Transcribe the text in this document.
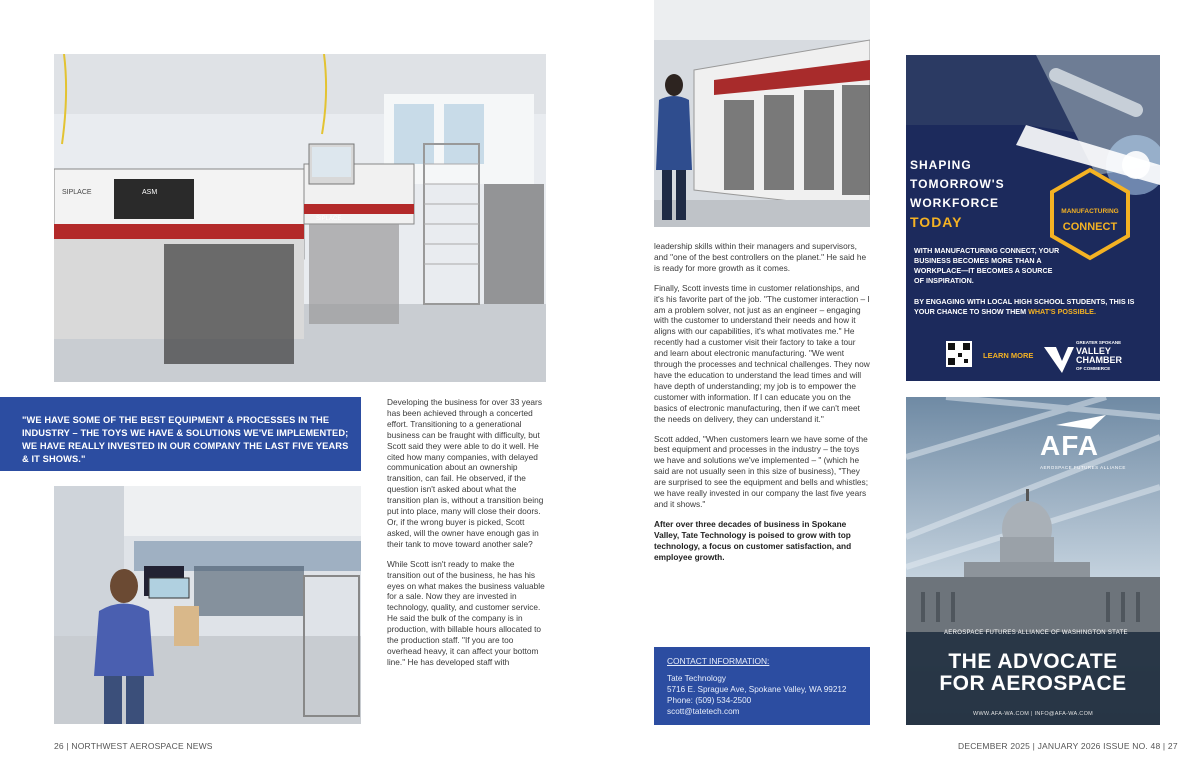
ASM
SIPLACE
SIPLACE

"WE HAVE SOME OF THE BEST EQUIPMENT & PROCESSES IN THE INDUSTRY – THE TOYS WE HAVE & SOLUTIONS WE'VE IMPLEMENTED; WE HAVE REALLY INVESTED IN OUR COMPANY THE LAST FIVE YEARS & IT SHOWS."

Developing the business for over 33 years has been achieved through a concerted effort. Transitioning to a generational business can be fraught with difficulty, but Scott said they were able to do it well. He cited how many companies, with delayed communication about an ownership transition, can fail. He observed, if the question isn't asked about what the transition plan is, without a transition being put into place, many will close their doors. Or, if the wrong buyer is picked, Scott asked, will the owner have enough gas in their tank to move toward another sale?

While Scott isn't ready to make the transition out of the business, he has his eyes on what makes the business valuable for a sale. Now they are invested in technology, quality, and customer service. He said the bulk of the company is in production, with billable hours allocated to the production staff. "If you are too overhead heavy, it can affect your bottom line." He has developed staff with

leadership skills within their managers and supervisors, and "one of the best controllers on the planet." He said he is ready for more growth as it comes.

Finally, Scott invests time in customer relationships, and it's his favorite part of the job. "The customer interaction – I am a problem solver, not just as an engineer – engaging with the customer to understand their needs and how it aligns with our capabilities, it's what motivates me." He recently had a customer visit their factory to take a tour and learn about electronic manufacturing. "We went through the processes and technical challenges. They now have the education to understand the lead times and will have depth of understanding; my job is to empower the customer with information. If I can educate you on the basics of electronic manufacturing, then if we can't meet the needs on delivery, they can understand it."

Scott added, "When customers learn we have some of the best equipment and processes in the industry – the toys we have and solutions we've implemented – " (which he said are not usually seen in this size of business), "They are surprised to see the equipment and bells and whistles; we have really invested in our company the last five years and it shows."

After over three decades of business in Spokane Valley, Tate Technology is poised to grow with top technology, a focus on customer satisfaction, and employee growth.

CONTACT INFORMATION:
Tate Technology
5716 E. Sprague Ave, Spokane Valley, WA 99212
Phone: (509) 534-2500
scott@tatetech.com
SHAPING
TOMORROW'S
WORKFORCE
TODAY
MANUFACTURING
CONNECT
WITH MANUFACTURING CONNECT, YOUR BUSINESS BECOMES MORE THAN A WORKPLACE—IT BECOMES A SOURCE OF INSPIRATION.
BY ENGAGING WITH LOCAL HIGH SCHOOL STUDENTS, THIS IS YOUR CHANCE TO SHOW THEM WHAT'S POSSIBLE.
LEARN MORE
GREATER SPOKANE
VALLEY
CHAMBER
OF COMMERCE
AFA
AEROSPACE FUTURES ALLIANCE
AEROSPACE FUTURES ALLIANCE OF WASHINGTON STATE
THE ADVOCATE
FOR AEROSPACE
WWW.AFA-WA.COM | INFO@AFA-WA.COM
26 | NORTHWEST AEROSPACE NEWS	DECEMBER 2025 | JANUARY 2026 ISSUE NO. 48 | 27
